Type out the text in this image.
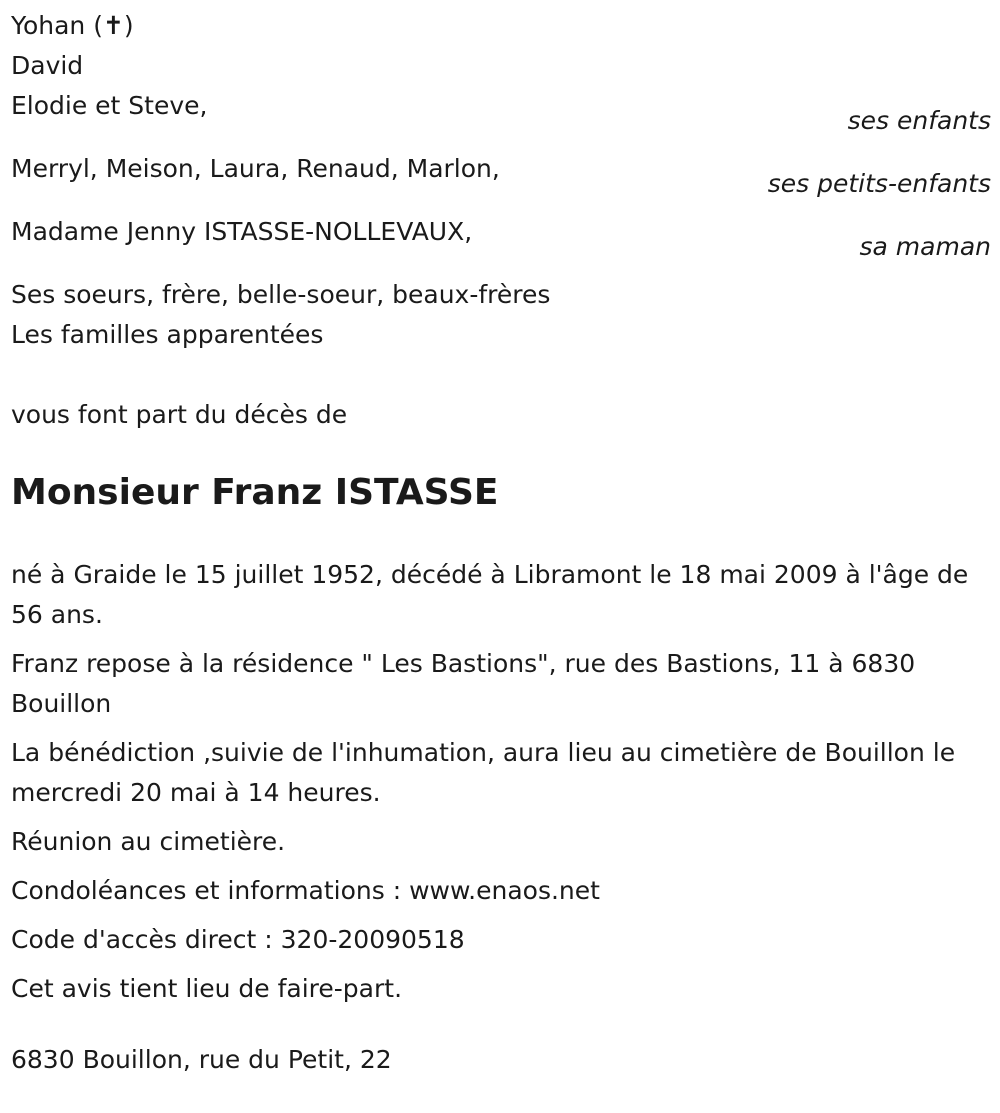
Yohan (✝)
David
Elodie et Steve,
ses enfants
Merryl, Meison, Laura, Renaud, Marlon,
ses petits-enfants
Madame Jenny ISTASSE-NOLLEVAUX,
sa maman
Ses soeurs, frère, belle-soeur, beaux-frères
Les familles apparentées
vous font part du décès de
Monsieur Franz ISTASSE
né à Graide le 15 juillet 1952, décédé à Libramont le 18 mai 2009 à l'âge de 56 ans.
Franz repose à la résidence " Les Bastions", rue des Bastions, 11 à 6830 Bouillon
La bénédiction ,suivie de l'inhumation, aura lieu au cimetière de Bouillon le mercredi 20 mai à 14 heures.
Réunion au cimetière.
Condoléances et informations : www.enaos.net
Code d'accès direct : 320-20090518
Cet avis tient lieu de faire-part.
6830 Bouillon, rue du Petit, 22
